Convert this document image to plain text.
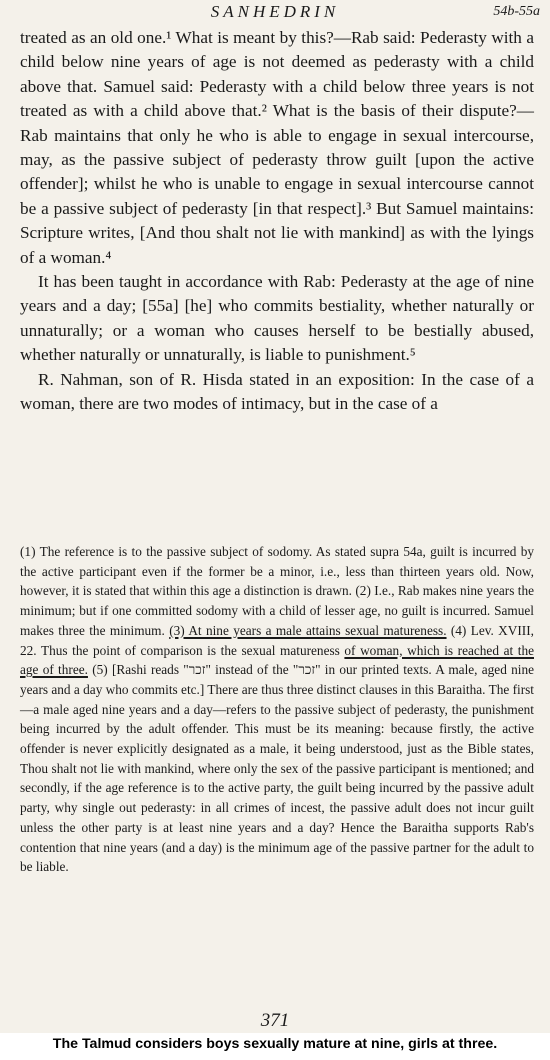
SANHEDRIN	54b-55a

treated as an old one.¹ What is meant by this?—Rab said: Pederasty with a child below nine years of age is not deemed as pederasty with a child above that. Samuel said: Pederasty with a child below three years is not treated as with a child above that.² What is the basis of their dispute?—Rab maintains that only he who is able to engage in sexual intercourse, may, as the passive subject of pederasty throw guilt [upon the active offender]; whilst he who is unable to engage in sexual intercourse cannot be a passive subject of pederasty [in that respect].³ But Samuel maintains: Scripture writes, [And thou shalt not lie with mankind] as with the lyings of a woman.⁴

It has been taught in accordance with Rab: Pederasty at the age of nine years and a day; [55a] [he] who commits bestiality, whether naturally or unnaturally; or a woman who causes herself to be bestially abused, whether naturally or unnaturally, is liable to punishment.⁵

R. Nahman, son of R. Hisda stated in an exposition: In the case of a woman, there are two modes of intimacy, but in the case of a

(1) The reference is to the passive subject of sodomy. As stated supra 54a, guilt is incurred by the active participant even if the former be a minor, i.e., less than thirteen years old. Now, however, it is stated that within this age a distinction is drawn. (2) I.e., Rab makes nine years the minimum; but if one committed sodomy with a child of lesser age, no guilt is incurred. Samuel makes three the minimum. (3) At nine years a male attains sexual matureness. (4) Lev. XVIII, 22. Thus the point of comparison is the sexual matureness of woman, which is reached at the age of three. (5) [Rashi reads "זכר" instead of the "זכר" in our printed texts. A male, aged nine years and a day who commits etc.] There are thus three distinct clauses in this Baraitha. The first—a male aged nine years and a day—refers to the passive subject of pederasty, the punishment being incurred by the adult offender. This must be its meaning: because firstly, the active offender is never explicitly designated as a male, it being understood, just as the Bible states, Thou shalt not lie with mankind, where only the sex of the passive participant is mentioned; and secondly, if the age reference is to the active party, the guilt being incurred by the passive adult party, why single out pederasty: in all crimes of incest, the passive adult does not incur guilt unless the other party is at least nine years and a day? Hence the Baraitha supports Rab's contention that nine years (and a day) is the minimum age of the passive partner for the adult to be liable.

371
The Talmud considers boys sexually mature at nine, girls at three.
